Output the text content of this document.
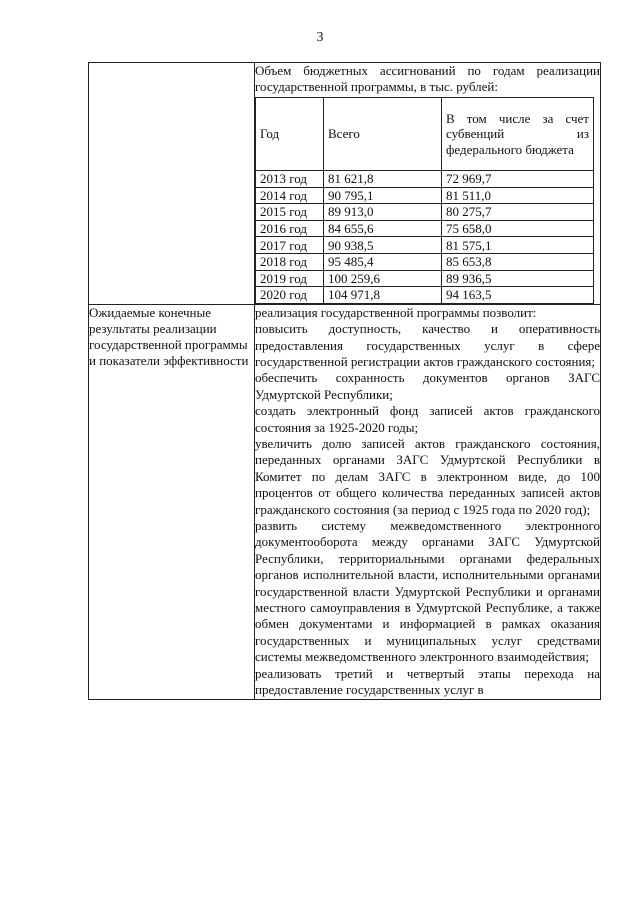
3

Объем бюджетных ассигнований по годам реализации государственной программы, в тыс. рублей:
Год	Всего	В том числе за счет субвенций из федерального бюджета
2013 год	81 621,8	72 969,7
2014 год	90 795,1	81 511,0
2015 год	89 913,0	80 275,7
2016 год	84 655,6	75 658,0
2017 год	90 938,5	81 575,1
2018 год	95 485,4	85 653,8
2019 год	100 259,6	89 936,5
2020 год	104 971,8	94 163,5

Ожидаемые конечные результаты реализации государственной программы и показатели эффективности	

реализация государственной программы позволит:

повысить доступность, качество и оперативность предоставления государственных услуг в сфере государственной регистрации актов гражданского состояния;

обеспечить сохранность документов органов ЗАГС Удмуртской Республики;

создать электронный фонд записей актов гражданского состояния за 1925-2020 годы;

увеличить долю записей актов гражданского состояния, переданных органами ЗАГС Удмуртской Республики в Комитет по делам ЗАГС в электронном виде, до 100 процентов от общего количества переданных записей актов гражданского состояния (за период с 1925 года по 2020 год);

развить систему межведомственного электронного документооборота между органами ЗАГС Удмуртской Республики, территориальными органами федеральных органов исполнительной власти, исполнительными органами государственной власти Удмуртской Республики и органами местного самоуправления в Удмуртской Республике, а также обмен документами и информацией в рамках оказания государственных и муниципальных услуг средствами системы межведомственного электронного взаимодействия;

реализовать третий и четвертый этапы перехода на предоставление государственных услуг в
